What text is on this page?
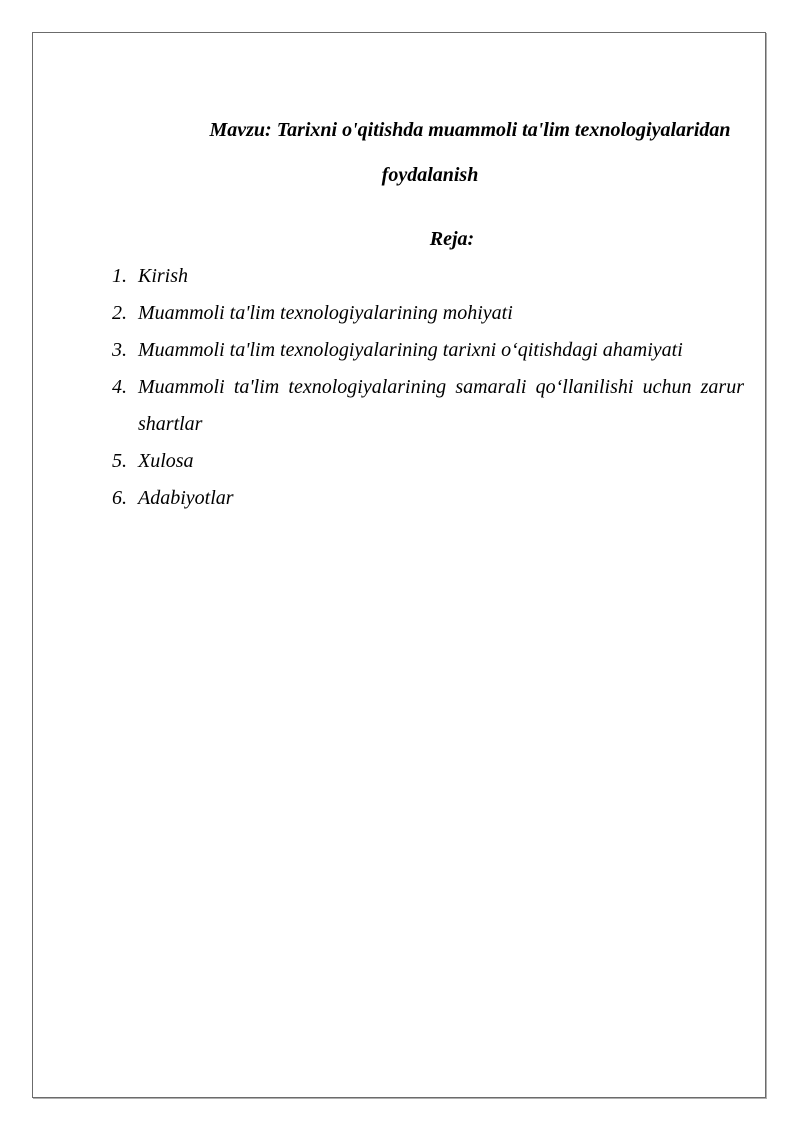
Mavzu: Tarixni o'qitishda muammoli ta'lim texnologiyalaridan foydalanish
Reja:
1. Kirish
2. Muammoli ta'lim texnologiyalarining mohiyati
3. Muammoli ta'lim texnologiyalarining tarixni o‘qitishdagi ahamiyati
4. Muammoli ta'lim texnologiyalarining samarali qo‘llanilishi uchun zarur shartlar
5. Xulosa
6. Adabiyotlar
